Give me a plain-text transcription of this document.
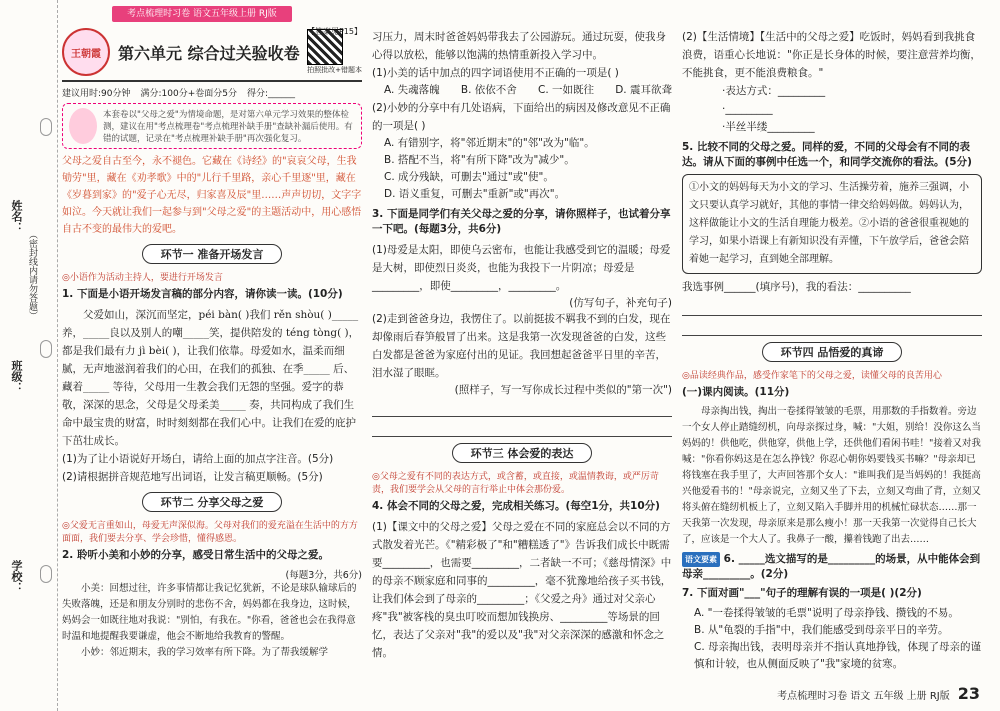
考点梳理时习卷 语文五年级上册 RJ版
姓名：
班级：
学校：
（密封线内请勿答题）
王朝霞	第六单元 综合过关验收卷
拍照批改+错题本
【答案见P15】
建议用时:90分钟 满分:100分+卷面分5分 得分:______
本套卷以"父母之爱"为情境命题，是对第六单元学习效果的整体检测，建议在用"考点梳理卷"考点梳理补缺手册"查缺补漏后使用。有错的试题，记录在"考点梳理补缺手册"再次强化复习。
父母之爱自古至今，永不褪色。它藏在《诗经》的"哀哀父母，生我劬劳"里，藏在《劝孝歌》中的"儿行千里路，亲心千里逐"里，藏在《岁暮到家》的"爱子心无尽，归家喜及辰"里……声声切切，文字字如泣。今天就让我们一起参与到"父母之爱"的主题活动中，用心感悟自古不变的最伟大的爱吧。
环节一 准备开场发言
◎小语作为活动主持人，要进行开场发言
1. 下面是小语开场发言稿的部分内容，请你读一读。(10分)
父爱如山，深沉而坚定，péi bàn( )我们 rěn shòu( )_____ 养，_____良以及别人的嘲_____笑，提供陪发的 téng tòng( )，都是我们最有力 jì bèi( )，让我们依靠。母爱如水，温柔而细腻，无声地滋润着我们的心田，在我们的孤独、在季_____ 后、藏着_____ 等待，父母用一生教会我们无怨的坚强。爱字的恭敬，深深的思念，父母是父母柔美_____ 奏，共同构成了我们生命中最宝贵的财富，时时刻刻都在我们心中。让我们在爱的庇护下茁壮成长。
(1)为了让小语说好开场白，请给上面的加点字注音。(5分)
(2)请根据拼音规范地写出词语，让发言稿更顺畅。(5分)
环节二 分享父母之爱
◎父爱无言重如山，母爱无声深似海。父母对我们的爱充溢在生活中的方方面面，我们要去分享、学会珍惜，懂得感恩。
2. 聆听小美和小妙的分享，感受日常生活中的父母之爱。
(每题3分，共6分)
小美：回想过往，许多事情都让我记忆犹新，不论是球队输球后的失败落魄，还是和朋友分别时的悲伤不舍，妈妈都在我身边，这时候，妈妈会一如既往地对我说："别怕，有我在。"你看，爸爸也会在我得意时温和地提醒我要谦虚，他会不断地给我教育的警醒。
小妙：邻近期末，我的学习效率有所下降。为了帮我缓解学
习压力，周末时爸爸妈妈带我去了公园游玩。通过玩耍，使我身心得以放松，能够以饱满的热情重新投入学习中。
(1)小美的话中加点的四字词语使用不正确的一项是( )
A. 失魂落魄 B. 依依不舍 C. 一如既往 D. 震耳欲聋
(2)小妙的分享中有几处语病，下面给出的病因及修改意见不正确的一项是( )
A. 有错别字，将"邻近期末"的"邻"改为"临"。
B. 搭配不当，将"有所下降"改为"减少"。
C. 成分残缺，可删去"通过"或"使"。
D. 语义重复，可删去"重新"或"再次"。
3. 下面是同学们有关父母之爱的分享，请你照样子，也试着分享一下吧。(每题3分，共6分)
(1)母爱是太阳，即使乌云密布，也能让我感受到它的温暖；母爱是大树，即使烈日炎炎，也能为我投下一片阴凉；母爱是_________，即使_________，_________。
(仿写句子，补充句子)
(2)走到爸爸身边，我愣住了。以前挺拔不羁我不到的白发，现在却像雨后春笋般冒了出来。这是我第一次发现爸爸的白发，这些白发都是爸爸为家庭付出的见证。我回想起爸爸平日里的辛苦，泪水湿了眼眶。
(照样子，写一写你成长过程中类似的"第一次")
环节三 体会爱的表达
◎父母之爱有不同的表达方式，或含蓄，或直接，或温情教诲，或严厉苛责，我们要学会从父母的言行举止中体会那份爱。
4. 体会不同的父母之爱，完成相关练习。(每空1分，共10分)
(1)【课文中的父母之爱】父母之爱在不同的家庭总会以不同的方式散发着光芒。《"精彩极了"和"糟糕透了"》告诉我们成长中既需要_________，也需要_________，二者缺一不可；《慈母情深》中的母亲不顾家庭和同事的_________，毫不犹豫地给孩子买书钱，让我们体会到了母亲的_________；《父爱之舟》通过对父亲心疼"我"被客栈的臭虫叮咬而想加钱换房、_________等场景的回忆，表达了父亲对"我"的爱以及"我"对父亲深深的感激和怀念之情。
(2)【生活情境】【生活中的父母之爱】吃饭时，妈妈看到我挑食浪费，语重心长地说："你正是长身体的时候，要注意营养均衡，不能挑食，更不能浪费粮食。"
·表达方式：_________
·_________
·半丝半缕_________
5. 比较不同的父母之爱。同样的爱，不同的父母会有不同的表达。请从下面的事例中任选一个，和同学交流你的看法。(5分)
①小文的妈妈每天为小文的学习、生活操劳着，施养三强调，小文只要认真学习就好，其他的事情一律交给妈妈做。妈妈认为，这样做能让小文的生活自理能力极差。②小语的爸爸很重视她的学习，如果小语课上有新知识没有弄懂，下午放学后，爸爸会陪着她一起学习，直到她全部理解。
我选事例______(填序号)，我的看法：__________
环节四 品悟爱的真谛
◎品读经典作品，感受作家笔下的父母之爱，读懂父母的良苦用心
(一)课内阅读。(11分)
母亲掏出钱，掏出一卷揉得皱皱的毛票，用那数的手指数着。旁边一个女人停止踏缝纫机，向母亲探过身，喊："大姐，别给！没你这么当妈妈的！供他吃，供他穿，供他上学，还供他们看闲书哇！"接着又对我喊："你看你妈这是在怎么挣钱？你忍心朝你妈要钱买书嘛？"母亲却已将钱塞在我手里了，大声回答那个女人："谁叫我们是当妈妈的！我挺高兴他爱看书的！"母亲说完，立刻又坐了下去，立刻又弯曲了背，立刻又将头俯在缝纫机板上了，立刻又陷入手脚并用的机械忙碌状态……那一天我第一次发现，母亲原来是那么瘦小！那一天我第一次觉得自己长大了，应该是一个大人了。我鼻子一酸，攥着钱跑了出去……
语文要素 6. _____选文描写的是_________的场景，从中能体会到母亲_________。(2分)
7. 下面对画"___"句子的理解有误的一项是( )(2分)
A. "一卷揉得皱皱的毛票"说明了母亲挣钱、攒钱的不易。
B. 从"龟裂的手指"中，我们能感受到母亲平日的辛劳。
C. 母亲掏出钱，表明母亲并不指认真地挣钱，体现了母亲的谨慎和计较，也从侧面反映了"我"家境的贫寒。
考点梳理时习卷 语文 五年级 上册 RJ版 23
